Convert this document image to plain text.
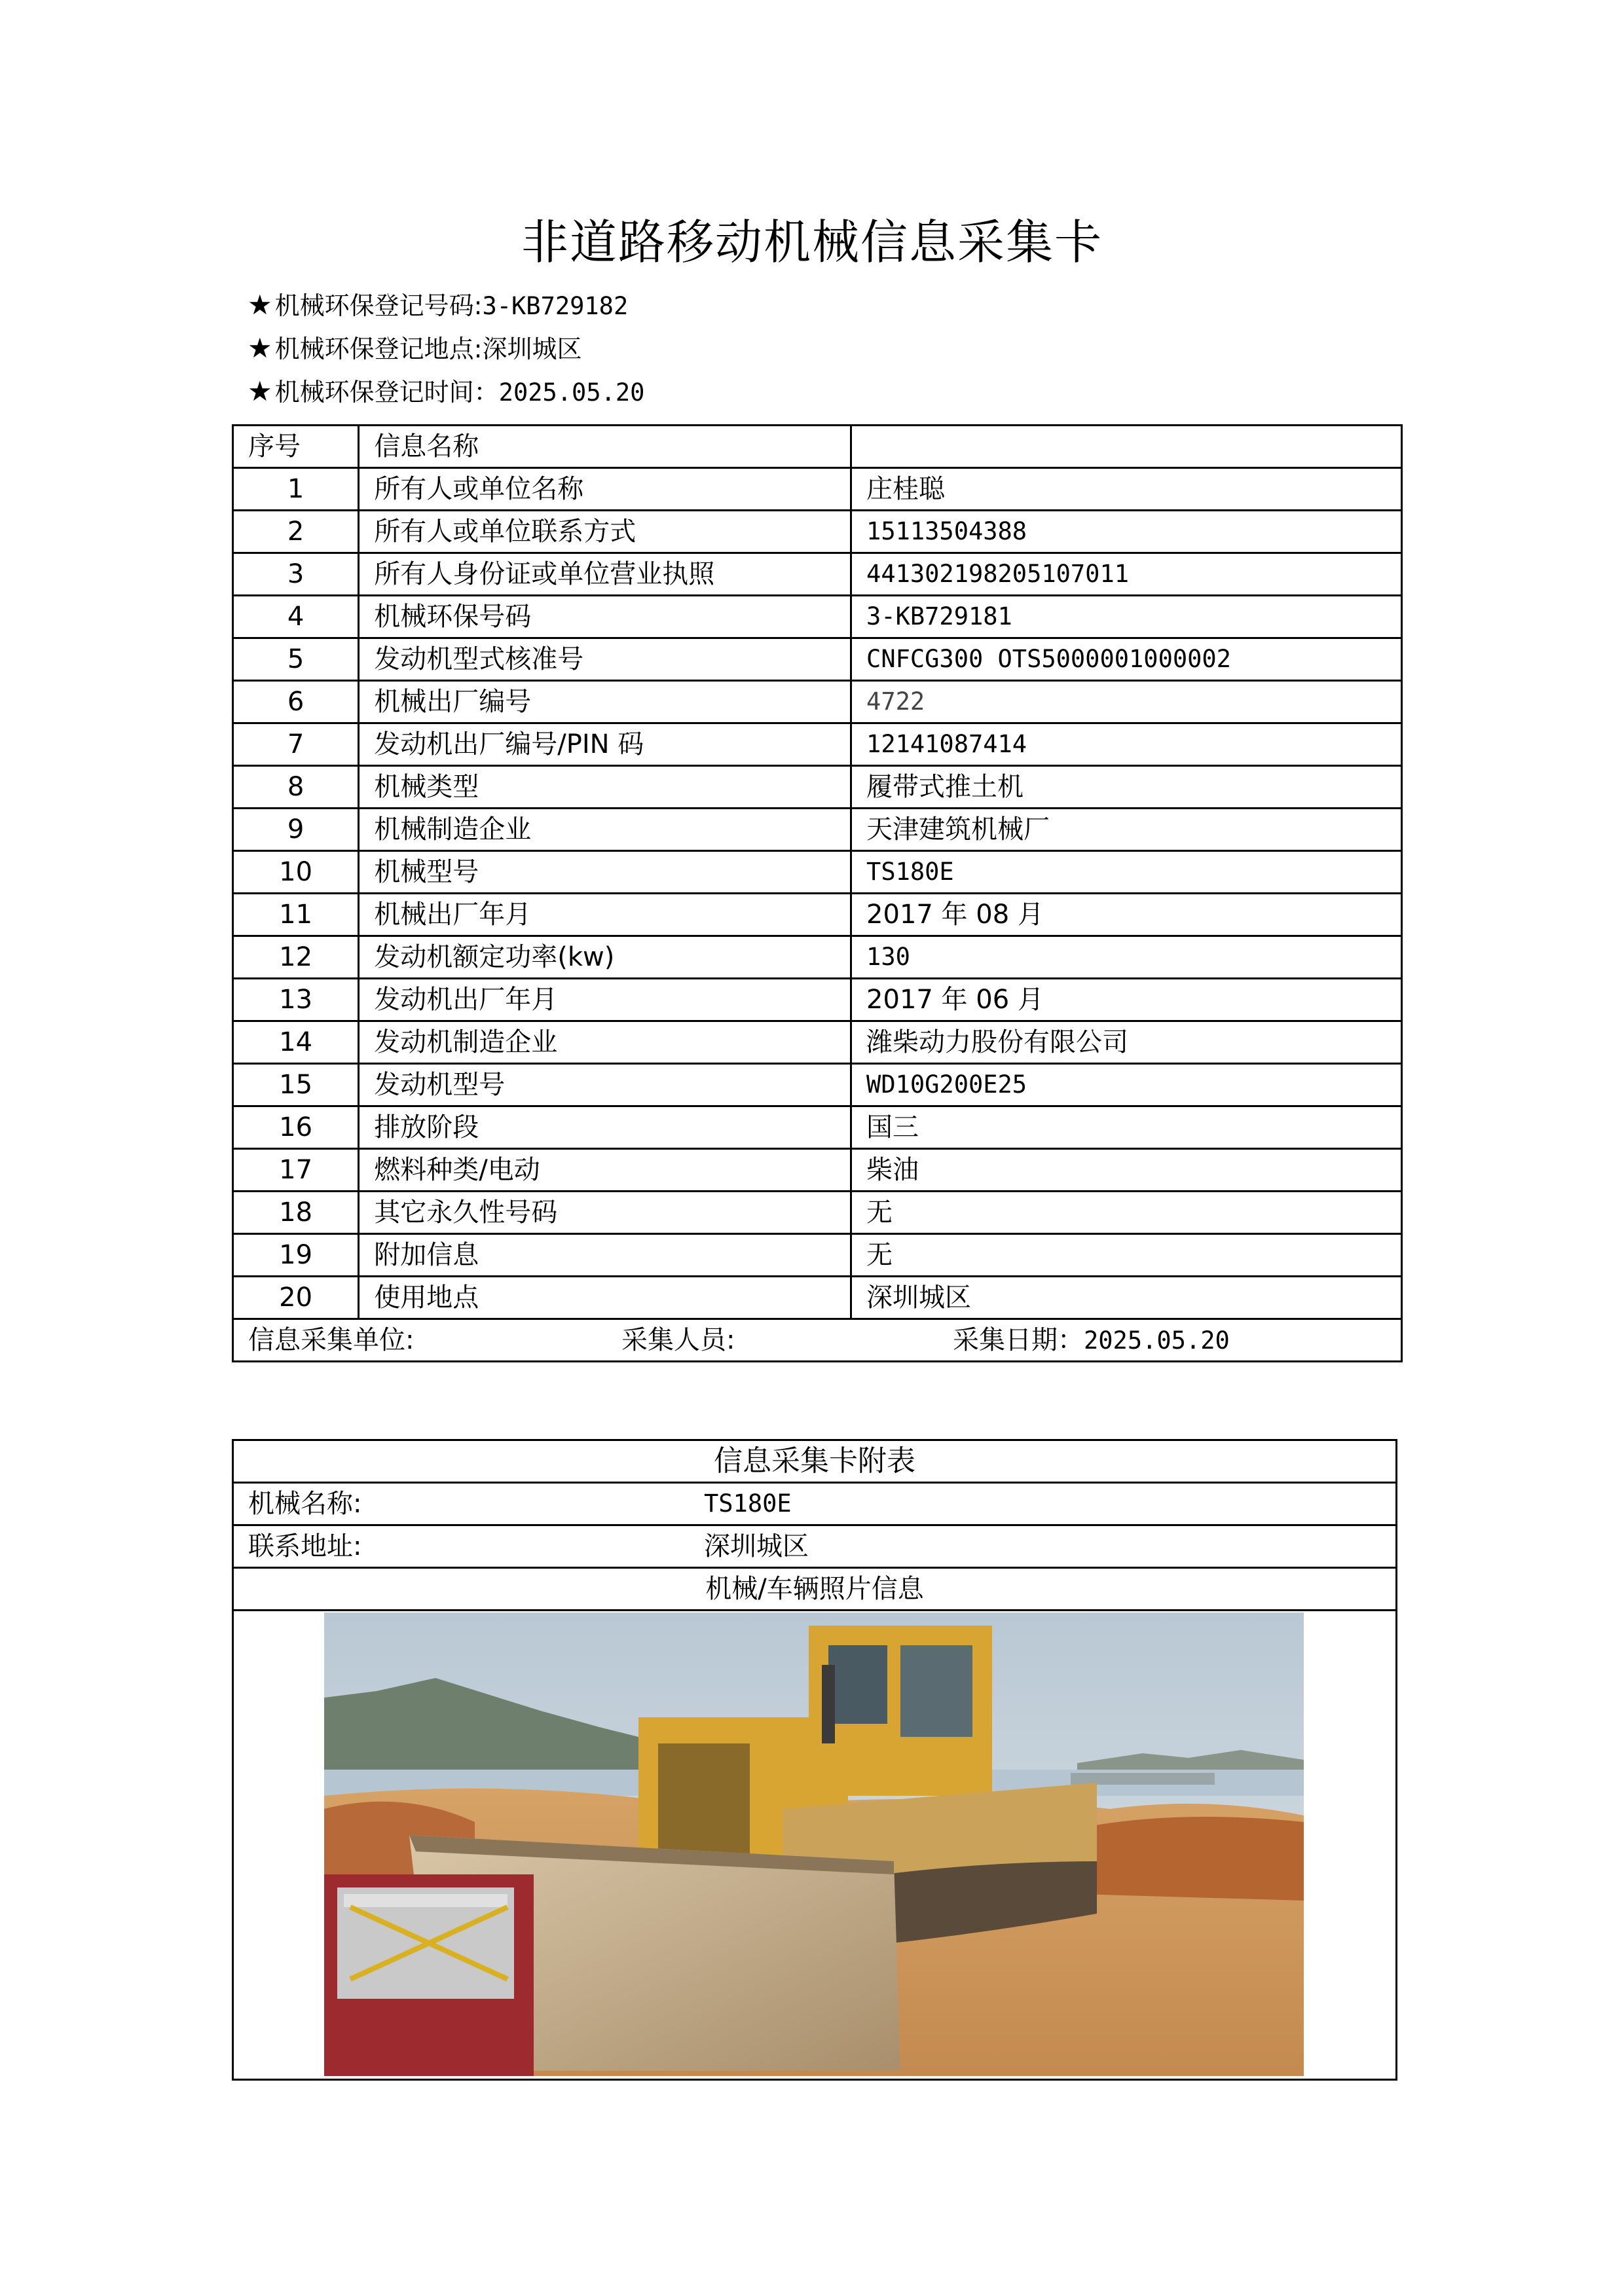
非道路移动机械信息采集卡
★ 机械环保登记号码:3-KB729182
★ 机械环保登记地点:深圳城区
★ 机械环保登记时间：2025.05.20
序号	信息名称	
1	所有人或单位名称	庄桂聪
2	所有人或单位联系方式	15113504388
3	所有人身份证或单位营业执照	441302198205107011
4	机械环保号码	3-KB729181
5	发动机型式核准号	CNFCG300 OTS5000001000002
6	机械出厂编号	4722
7	发动机出厂编号/PIN 码	12141087414
8	机械类型	履带式推土机
9	机械制造企业	天津建筑机械厂
10	机械型号	TS180E
11	机械出厂年月	2017 年 08 月
12	发动机额定功率(kw)	130
13	发动机出厂年月	2017 年 06 月
14	发动机制造企业	潍柴动力股份有限公司
15	发动机型号	WD10G200E25
16	排放阶段	国三
17	燃料种类/电动	柴油
18	其它永久性号码	无
19	附加信息	无
20	使用地点	深圳城区

信息采集单位: 采集人员: 采集日期：2025.05.20		
信息采集卡附表	
机械名称:	TS180E
联系地址:	深圳城区
机械/车辆照片信息	
